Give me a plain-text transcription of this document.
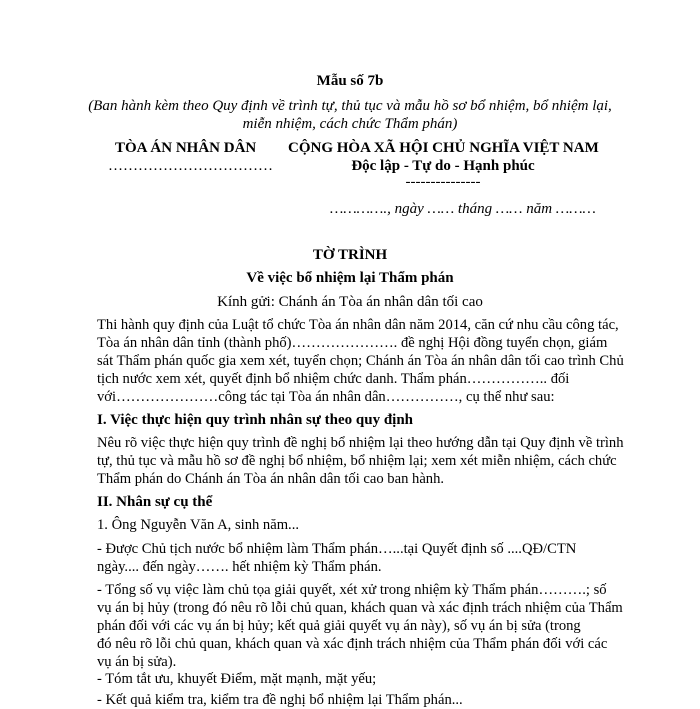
Mẫu số 7b
(Ban hành kèm theo Quy định về trình tự, thủ tục và mẫu hồ sơ bổ nhiệm, bổ nhiệm lại,
miễn nhiệm, cách chức Thẩm phán)
TÒA ÁN NHÂN DÂN
……………………………
CỘNG HÒA XÃ HỘI CHỦ NGHĨA VIỆT NAM
Độc lập - Tự do - Hạnh phúc
---------------
…………., ngày …… tháng …… năm ………
TỜ TRÌNH
Về việc bổ nhiệm lại Thẩm phán
Kính gửi: Chánh án Tòa án nhân dân tối cao
Thi hành quy định của Luật tổ chức Tòa án nhân dân năm 2014, căn cứ nhu cầu công tác,
Tòa án nhân dân tỉnh (thành phố)…………………. đề nghị Hội đồng tuyển chọn, giám
sát Thẩm phán quốc gia xem xét, tuyển chọn; Chánh án Tòa án nhân dân tối cao trình Chủ
tịch nước xem xét, quyết định bổ nhiệm chức danh. Thẩm phán…………….. đối
với…………………công tác tại Tòa án nhân dân……………, cụ thể như sau:
I. Việc thực hiện quy trình nhân sự theo quy định
Nêu rõ việc thực hiện quy trình đề nghị bổ nhiệm lại theo hướng dẫn tại Quy định về trình
tự, thủ tục và mẫu hồ sơ đề nghị bổ nhiệm, bổ nhiệm lại; xem xét miễn nhiệm, cách chức
Thẩm phán do Chánh án Tòa án nhân dân tối cao ban hành.
II. Nhân sự cụ thể
1. Ông Nguyễn Văn A, sinh năm...
- Được Chủ tịch nước bổ nhiệm làm Thẩm phán…...tại Quyết định số ....QĐ/CTN
ngày.... đến ngày……. hết nhiệm kỳ Thẩm phán.
- Tổng số vụ việc làm chủ tọa giải quyết, xét xử trong nhiệm kỳ Thẩm phán……….; số
vụ án bị hủy (trong đó nêu rõ lỗi chủ quan, khách quan và xác định trách nhiệm của Thẩm
phán đối với các vụ án bị hủy; kết quả giải quyết vụ án này), số vụ án bị sửa (trong
đó nêu rõ lỗi chủ quan, khách quan và xác định trách nhiệm của Thẩm phán đối với các
vụ án bị sửa).
- Tóm tắt ưu, khuyết Điểm, mặt mạnh, mặt yếu;
- Kết quả kiểm tra, kiểm tra đề nghị bổ nhiệm lại Thẩm phán...
